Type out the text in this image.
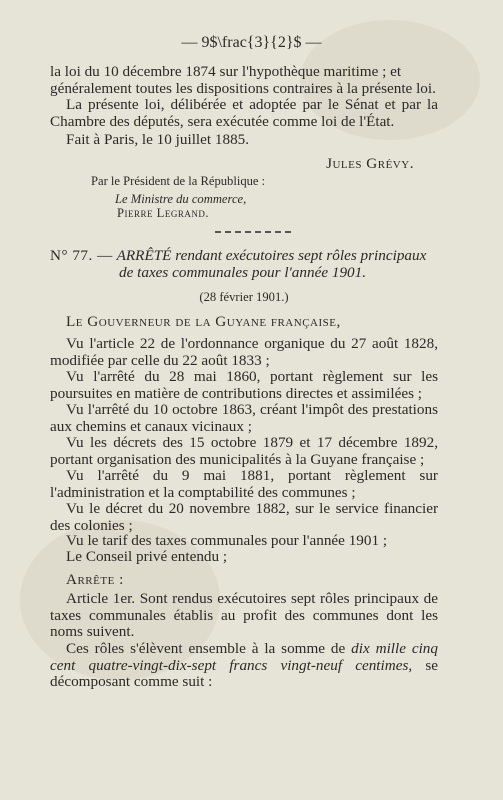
— 9$\frac{3}{2}$ —
la loi du 10 décembre 1874 sur l'hypothèque maritime ; et
généralement toutes les dispositions contraires à la présente loi.
La présente loi, délibérée et adoptée par le Sénat et par la Chambre des députés, sera exécutée comme loi de l'État.
Fait à Paris, le 10 juillet 1885.
Jules Grévy.
Par le Président de la République :
Le Ministre du commerce,
Pierre Legrand.
N° 77. — ARRÊTÉ rendant exécutoires sept rôles principaux
de taxes communales pour l'année 1901.
(28 février 1901.)
Le Gouverneur de la Guyane française,
Vu l'article 22 de l'ordonnance organique du 27 août 1828, modifiée par celle du 22 août 1833 ;
Vu l'arrêté du 28 mai 1860, portant règlement sur les poursuites en matière de contributions directes et assimilées ;
Vu l'arrêté du 10 octobre 1863, créant l'impôt des prestations aux chemins et canaux vicinaux ;
Vu les décrets des 15 octobre 1879 et 17 décembre 1892, portant organisation des municipalités à la Guyane française ;
Vu l'arrêté du 9 mai 1881, portant règlement sur l'administration et la comptabilité des communes ;
Vu le décret du 20 novembre 1882, sur le service financier des colonies ;
Vu le tarif des taxes communales pour l'année 1901 ;
Le Conseil privé entendu ;
Arrête :
Article 1er. Sont rendus exécutoires sept rôles principaux de taxes communales établis au profit des communes dont les noms suivent.
Ces rôles s'élèvent ensemble à la somme de dix mille cinq cent quatre-vingt-dix-sept francs vingt-neuf centimes, se décomposant comme suit :
